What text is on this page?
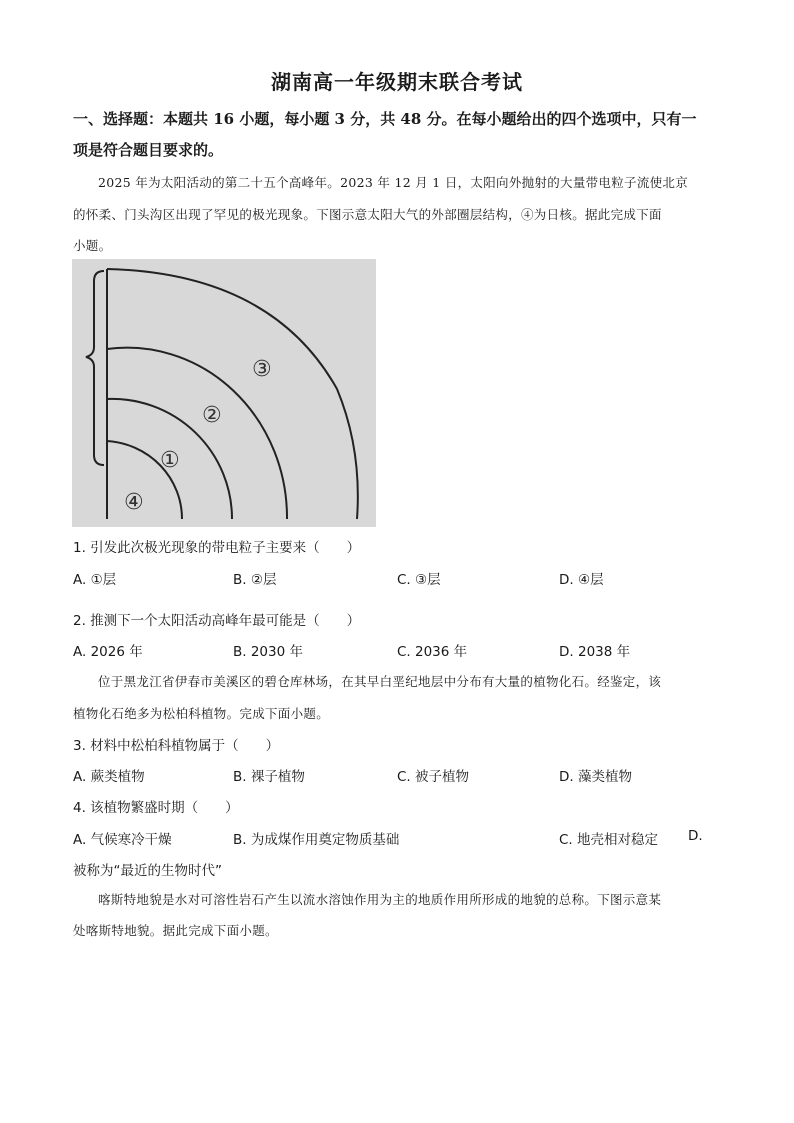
湖南高一年级期末联合考试
一、选择题：本题共 16 小题，每小题 3 分，共 48 分。在每小题给出的四个选项中，只有一
项是符合题目要求的。
2025 年为太阳活动的第二十五个高峰年。2023 年 12 月 1 日，太阳向外抛射的大量带电粒子流使北京
的怀柔、门头沟区出现了罕见的极光现象。下图示意太阳大气的外部圈层结构，④为日核。据此完成下面
小题。
③
②
①
④
1. 引发此次极光现象的带电粒子主要来（　　）
A. ①层	B. ②层	C. ③层	D. ④层
2. 推测下一个太阳活动高峰年最可能是（　　）
A. 2026 年	B. 2030 年	C. 2036 年	D. 2038 年
位于黑龙江省伊春市美溪区的碧仓库林场，在其早白垩纪地层中分布有大量的植物化石。经鉴定，该
植物化石绝多为松柏科植物。完成下面小题。
3. 材料中松柏科植物属于（　　）
A. 蕨类植物	B. 裸子植物	C. 被子植物	D. 藻类植物
4. 该植物繁盛时期（　　）
A. 气候寒冷干燥	B. 为成煤作用奠定物质基础	C. 地壳相对稳定 D.
被称为“最近的生物时代”
喀斯特地貌是水对可溶性岩石产生以流水溶蚀作用为主的地质作用所形成的地貌的总称。下图示意某
处喀斯特地貌。据此完成下面小题。
